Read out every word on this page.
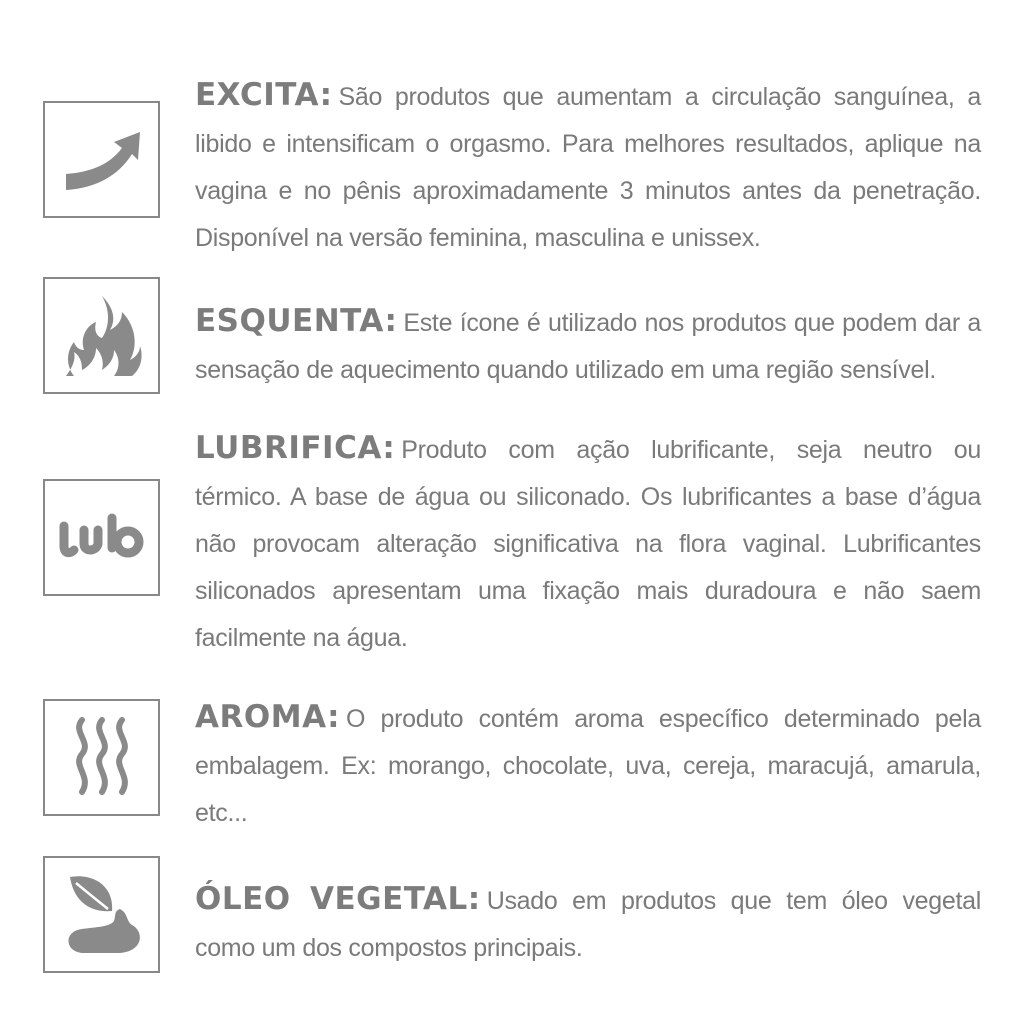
EXCITA: São produtos que aumentam a circulação sanguínea, a libido e intensificam o orgasmo. Para melhores resultados, aplique na vagina e no pênis aproximadamente 3 minutos antes da penetração. Disponível na versão feminina, masculina e unissex.
ESQUENTA: Este ícone é utilizado nos produtos que podem dar a sensação de aquecimento quando utilizado em uma região sensível.
LUBRIFICA: Produto com ação lubrificante, seja neutro ou térmico. A base de água ou siliconado. Os lubrificantes a base d’água não provocam alteração significativa na flora vaginal. Lubrificantes siliconados apresentam uma fixação mais duradoura e não saem facilmente na água.
AROMA: O produto contém aroma específico determinado pela embalagem. Ex: morango, chocolate, uva, cereja, maracujá, amarula, etc...
ÓLEO VEGETAL: Usado em produtos que tem óleo vegetal como um dos compostos principais.
